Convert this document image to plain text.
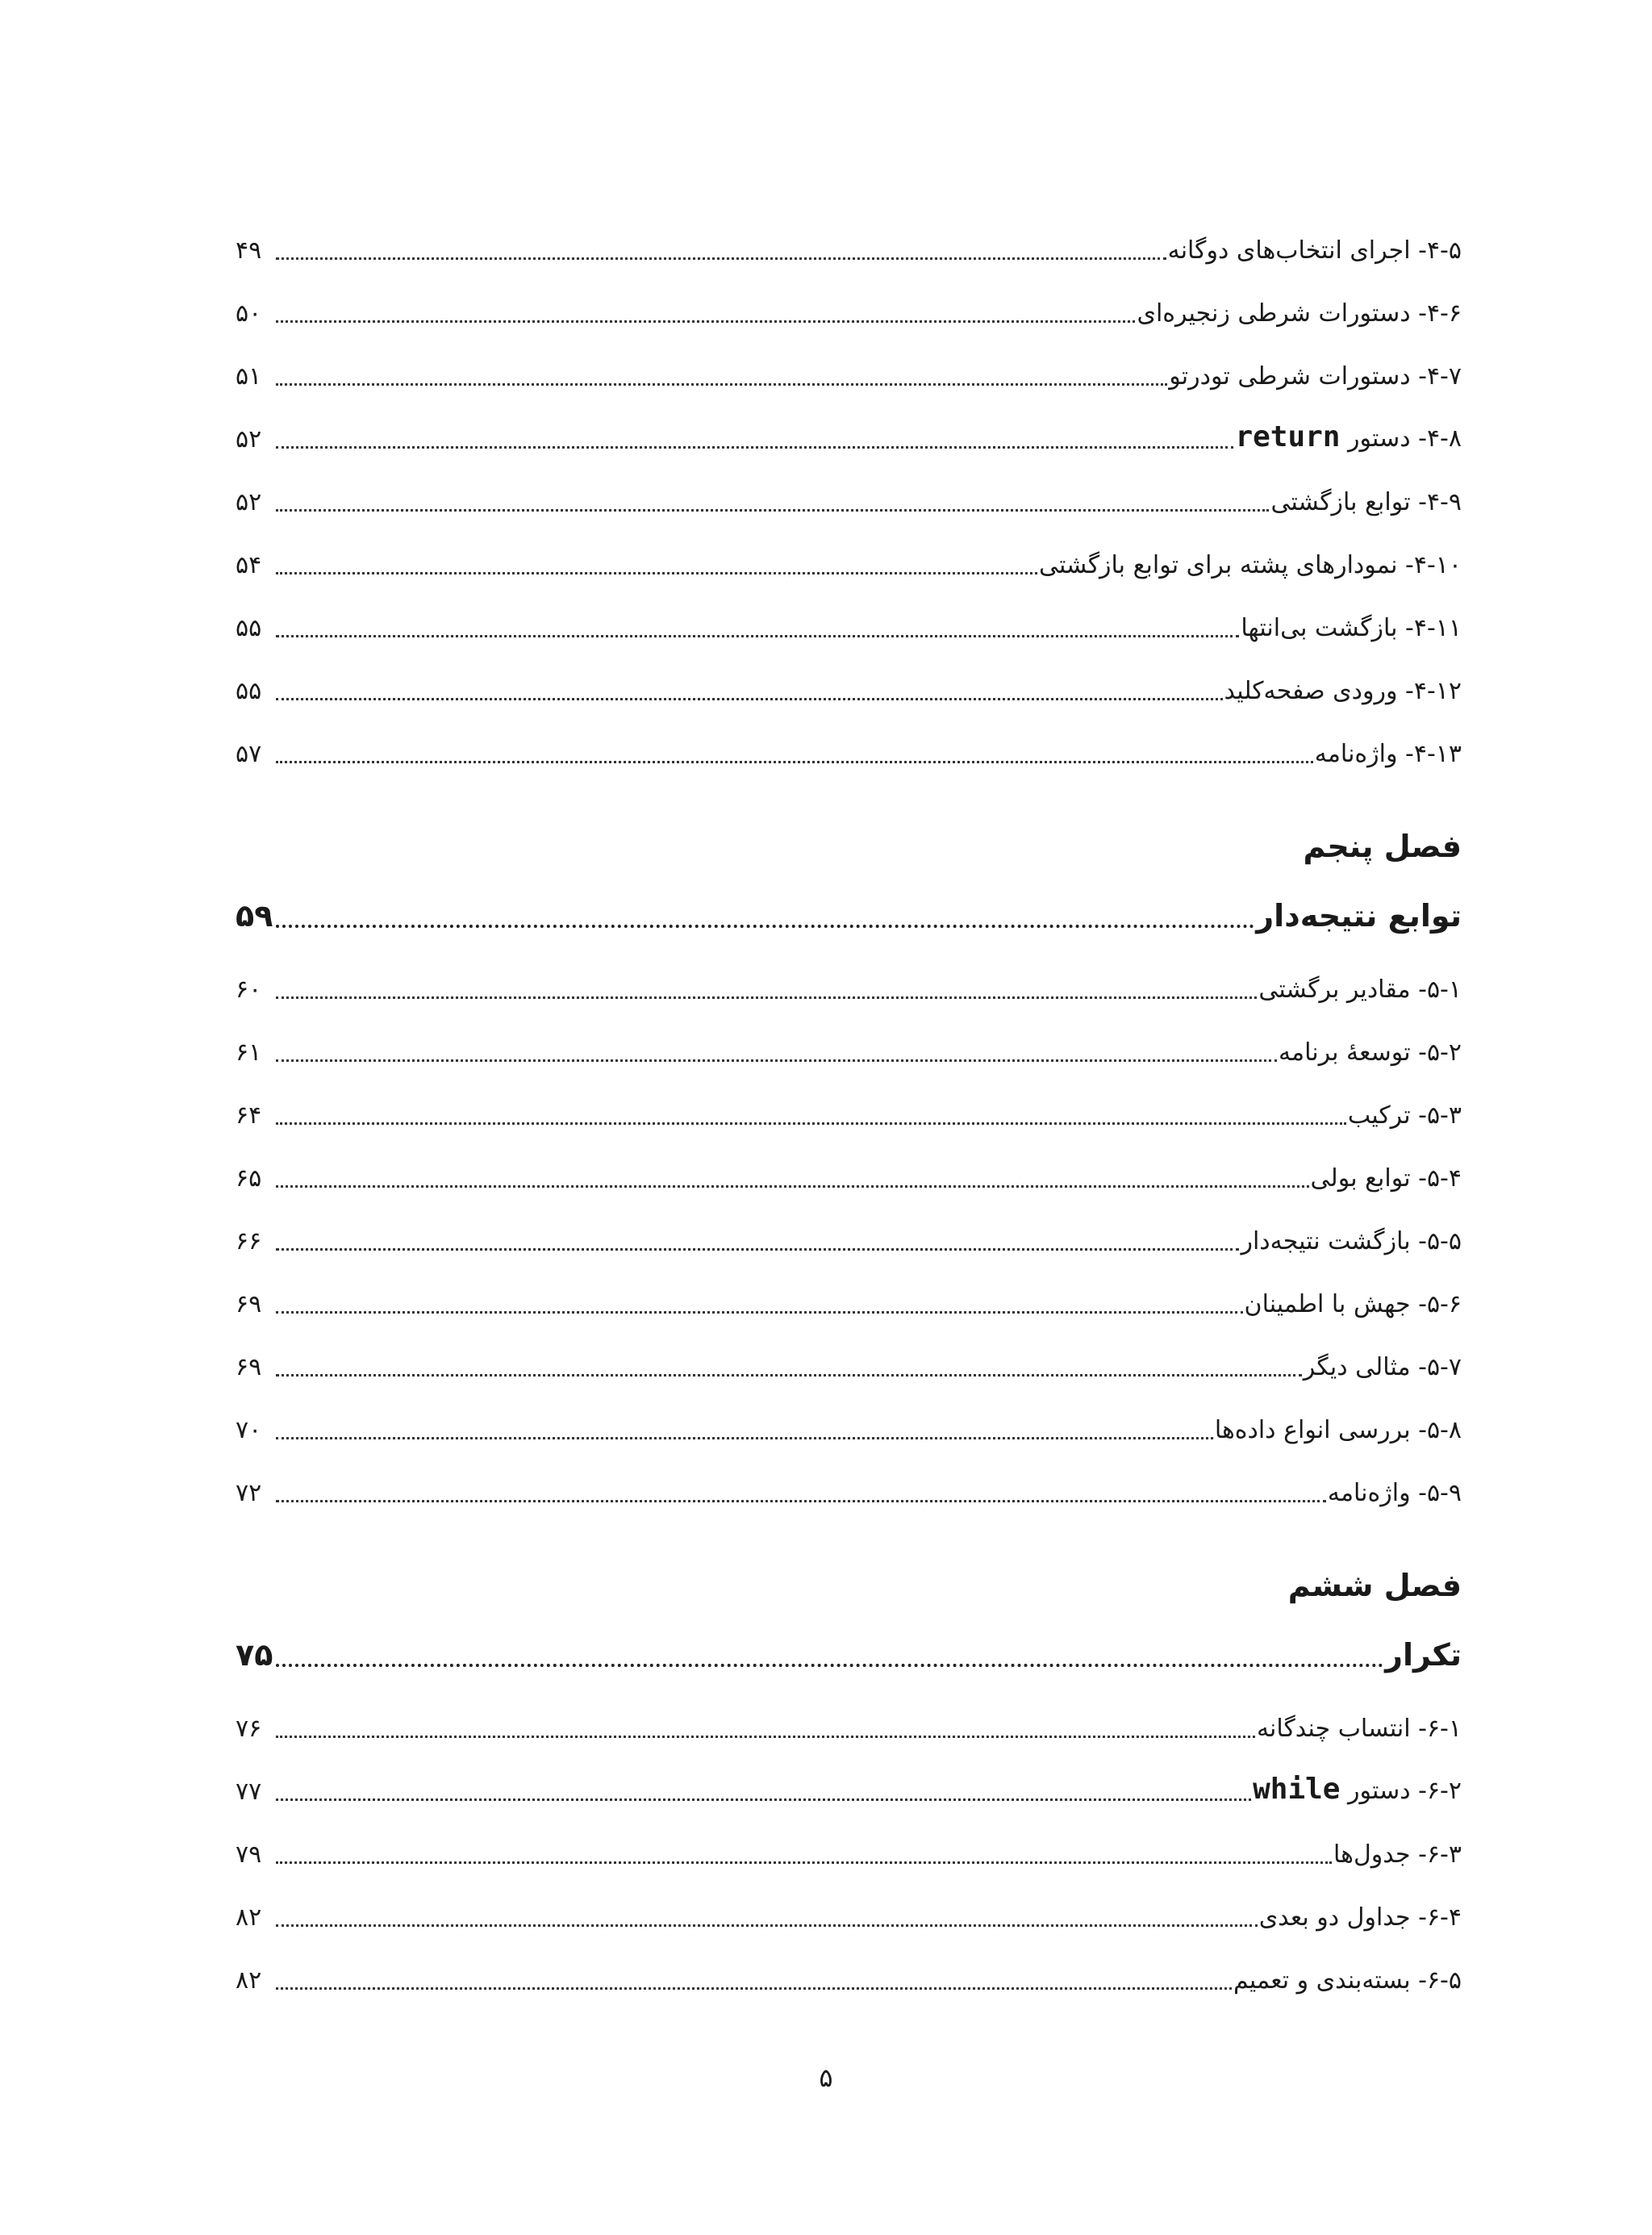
۴-۵- اجرای انتخاب‌های دوگانه
۴۹
۴-۶- دستورات شرطی زنجیره‌ای
۵۰
۴-۷- دستورات شرطی تودرتو
۵۱
۴-۸- دستور return
۵۲
۴-۹- توابع بازگشتی
۵۲
۴-۱۰- نمودارهای پشته برای توابع بازگشتی
۵۴
۴-۱۱- بازگشت بی‌انتها
۵۵
۴-۱۲- ورودی صفحه‌کلید
۵۵
۴-۱۳- واژه‌نامه
۵۷
فصل پنجم
توابع نتیجه‌دار
۵۹
۵-۱- مقادیر برگشتی
۶۰
۵-۲- توسعهٔ برنامه
۶۱
۵-۳- ترکیب
۶۴
۵-۴- توابع بولی
۶۵
۵-۵- بازگشت نتیجه‌دار
۶۶
۵-۶- جهش با اطمینان
۶۹
۵-۷- مثالی دیگر
۶۹
۵-۸- بررسی انواع داده‌ها
۷۰
۵-۹- واژه‌نامه
۷۲
فصل ششم
تکرار
۷۵
۶-۱- انتساب چندگانه
۷۶
۶-۲- دستور while
۷۷
۶-۳- جدول‌ها
۷۹
۶-۴- جداول دو بعدی
۸۲
۶-۵- بسته‌بندی و تعمیم
۸۲
۵
